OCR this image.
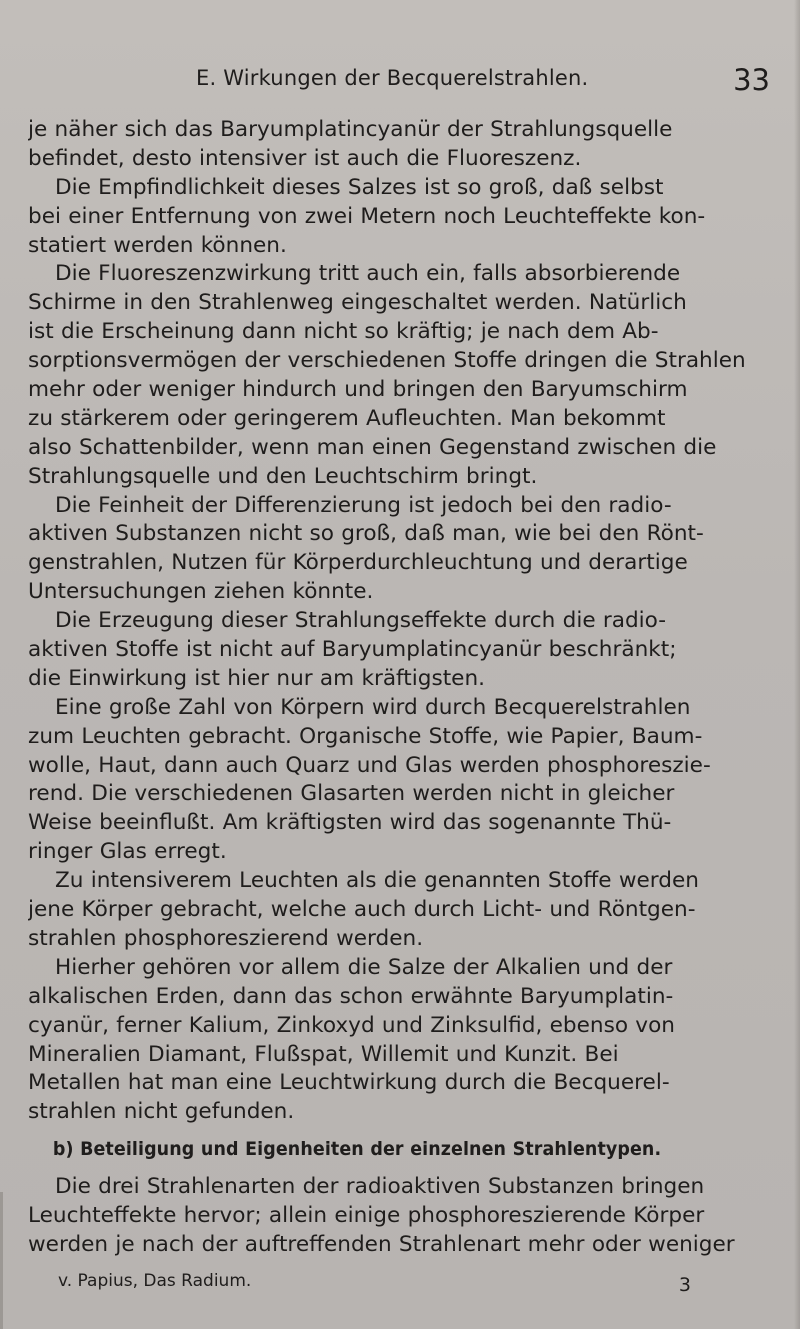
E. Wirkungen der Becquerelstrahlen.	33
je näher sich das Baryumplatincyanür der Strahlungsquelle
befindet, desto intensiver ist auch die Fluoreszenz.
Die Empfindlichkeit dieses Salzes ist so groß, daß selbst
bei einer Entfernung von zwei Metern noch Leuchteffekte kon-
statiert werden können.
Die Fluoreszenzwirkung tritt auch ein, falls absorbierende
Schirme in den Strahlenweg eingeschaltet werden. Natürlich
ist die Erscheinung dann nicht so kräftig; je nach dem Ab-
sorptionsvermögen der verschiedenen Stoffe dringen die Strahlen
mehr oder weniger hindurch und bringen den Baryumschirm
zu stärkerem oder geringerem Aufleuchten. Man bekommt
also Schattenbilder, wenn man einen Gegenstand zwischen die
Strahlungsquelle und den Leuchtschirm bringt.
Die Feinheit der Differenzierung ist jedoch bei den radio-
aktiven Substanzen nicht so groß, daß man, wie bei den Rönt-
genstrahlen, Nutzen für Körperdurchleuchtung und derartige
Untersuchungen ziehen könnte.
Die Erzeugung dieser Strahlungseffekte durch die radio-
aktiven Stoffe ist nicht auf Baryumplatincyanür beschränkt;
die Einwirkung ist hier nur am kräftigsten.
Eine große Zahl von Körpern wird durch Becquerelstrahlen
zum Leuchten gebracht. Organische Stoffe, wie Papier, Baum-
wolle, Haut, dann auch Quarz und Glas werden phosphoreszie-
rend. Die verschiedenen Glasarten werden nicht in gleicher
Weise beeinflußt. Am kräftigsten wird das sogenannte Thü-
ringer Glas erregt.
Zu intensiverem Leuchten als die genannten Stoffe werden
jene Körper gebracht, welche auch durch Licht- und Röntgen-
strahlen phosphoreszierend werden.
Hierher gehören vor allem die Salze der Alkalien und der
alkalischen Erden, dann das schon erwähnte Baryumplatin-
cyanür, ferner Kalium, Zinkoxyd und Zinksulfid, ebenso von
Mineralien Diamant, Flußspat, Willemit und Kunzit. Bei
Metallen hat man eine Leuchtwirkung durch die Becquerel-
strahlen nicht gefunden.
b) Beteiligung und Eigenheiten der einzelnen Strahlentypen.
Die drei Strahlenarten der radioaktiven Substanzen bringen
Leuchteffekte hervor; allein einige phosphoreszierende Körper
werden je nach der auftreffenden Strahlenart mehr oder weniger
v. Papius, Das Radium.	3
